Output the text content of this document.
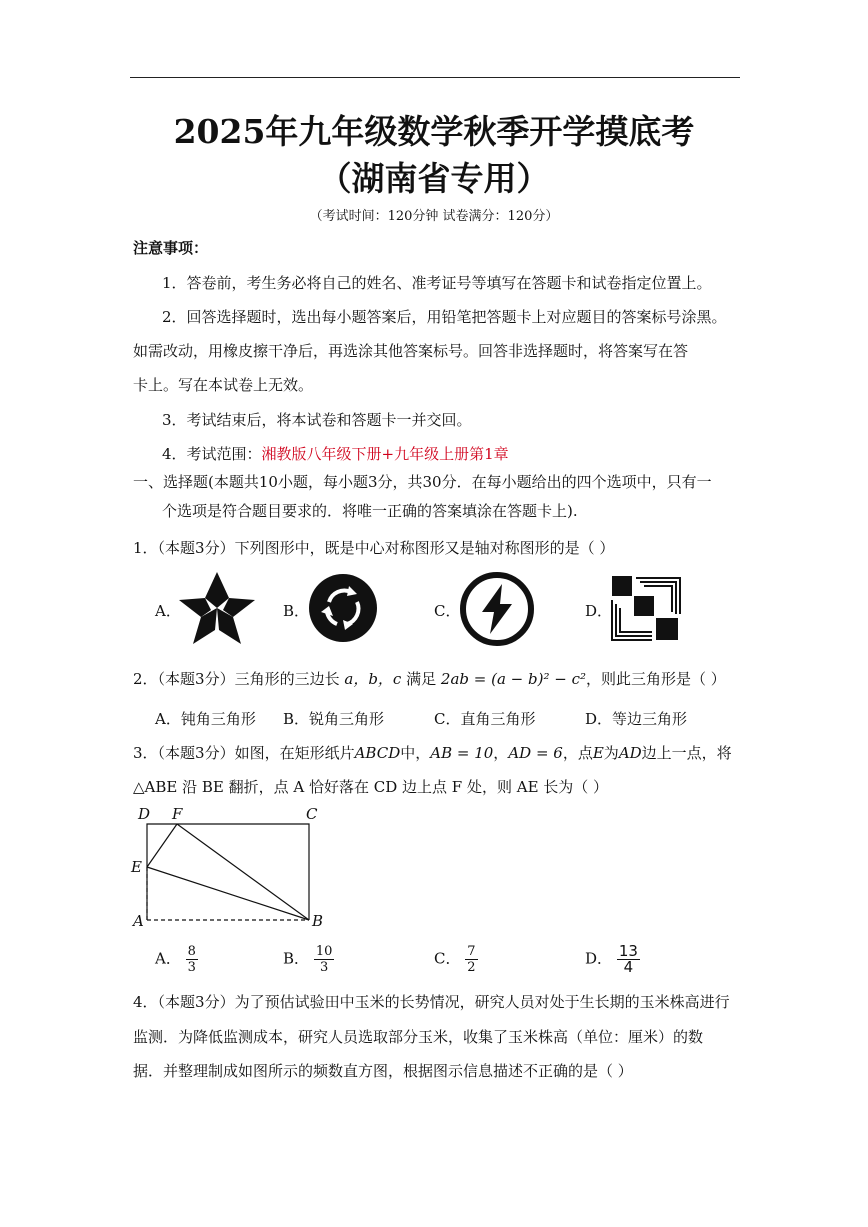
2025年九年级数学秋季开学摸底考
（湖南省专用）
（考试时间：120分钟 试卷满分：120分）
注意事项：
1．答卷前，考生务必将自己的姓名、准考证号等填写在答题卡和试卷指定位置上。
2．回答选择题时，选出每小题答案后，用铅笔把答题卡上对应题目的答案标号涂黑。
如需改动，用橡皮擦干净后，再选涂其他答案标号。回答非选择题时，将答案写在答
卡上。写在本试卷上无效。
3．考试结束后，将本试卷和答题卡一并交回。
4．考试范围：湘教版八年级下册+九年级上册第1章
一、选择题(本题共10小题，每小题3分，共30分．在每小题给出的四个选项中，只有一
个选项是符合题目要求的．将唯一正确的答案填涂在答题卡上).
1．（本题3分）下列图形中，既是中心对称图形又是轴对称图形的是（ ）
A．	B．	C．	D．
2．（本题3分）三角形的三边长 a，b，c 满足 2ab = (a − b)² − c²，则此三角形是（ ）
A．钝角三角形 B．锐角三角形	C．直角三角形	D．等边三角形
3．（本题3分）如图，在矩形纸片ABCD中，AB = 10，AD = 6，点E为AD边上一点，将
△ABE 沿 BE 翻折，点 A 恰好落在 CD 边上点 F 处，则 AE 长为（ ）
D F	C
E
A	B
A． $\frac{8}{3}$	B． $\frac{10}{3}$	C． $\frac{7}{2}$	D． $\frac{13}{4}$
4．（本题3分）为了预估试验田中玉米的长势情况，研究人员对处于生长期的玉米株高进行
监测．为降低监测成本，研究人员选取部分玉米，收集了玉米株高（单位：厘米）的数
据．并整理制成如图所示的频数直方图，根据图示信息描述不正确的是（ ）
